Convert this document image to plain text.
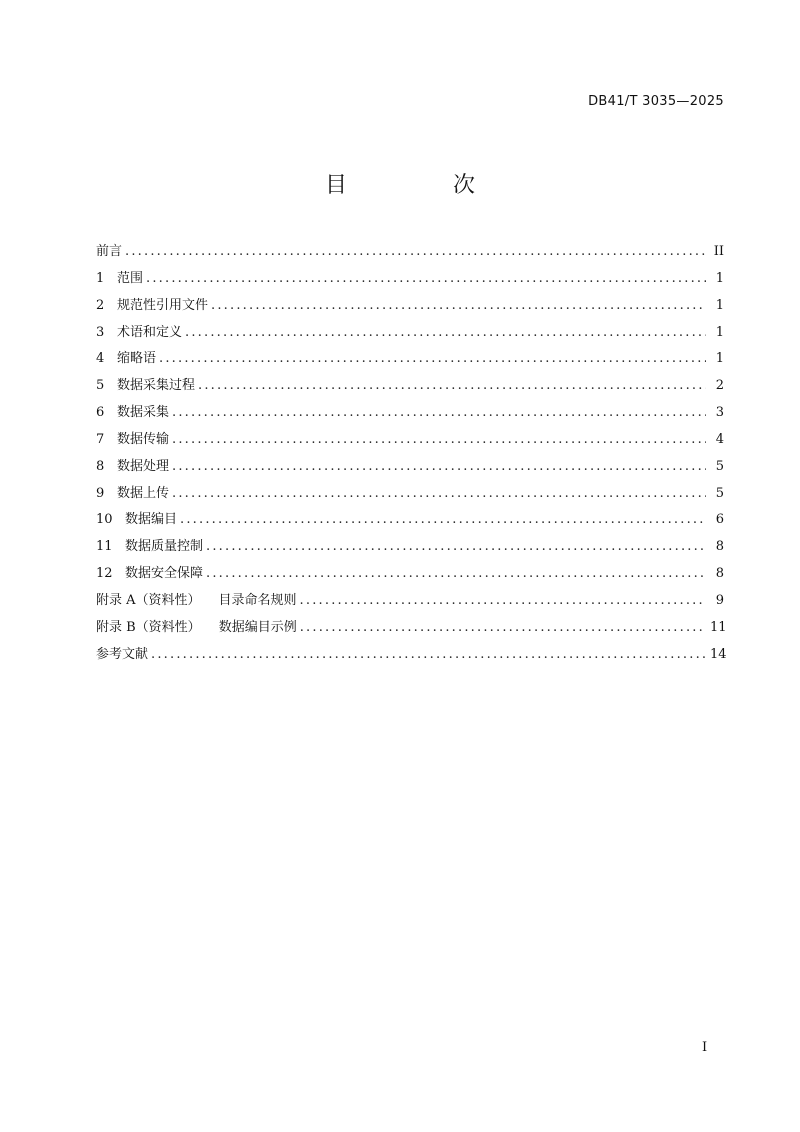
DB41/T 3035—2025
目　次
前言 .....	II
1 范围 .....	1
2 规范性引用文件 .....	1
3 术语和定义 .....	1
4 缩略语 .....	1
5 数据采集过程 .....	2
6 数据采集 .....	3
7 数据传输 .....	4
8 数据处理 .....	5
9 数据上传 .....	5
10 数据编目 .....	6
11 数据质量控制 .....	8
12 数据安全保障 .....	8
附录 A（资料性） 目录命名规则 .....	9
附录 B（资料性） 数据编目示例 .....	11
参考文献 .....	14
I
